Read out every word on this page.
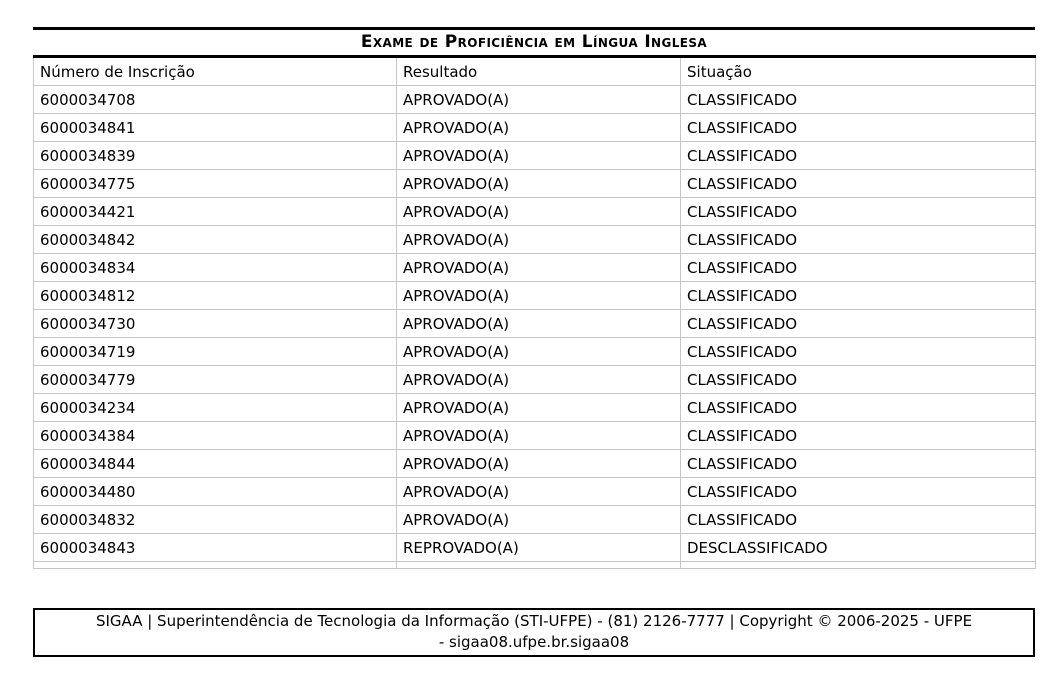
Exame de Proficiência em Língua Inglesa
Número de Inscrição	Resultado	Situação
6000034708	APROVADO(A)	CLASSIFICADO
6000034841	APROVADO(A)	CLASSIFICADO
6000034839	APROVADO(A)	CLASSIFICADO
6000034775	APROVADO(A)	CLASSIFICADO
6000034421	APROVADO(A)	CLASSIFICADO
6000034842	APROVADO(A)	CLASSIFICADO
6000034834	APROVADO(A)	CLASSIFICADO
6000034812	APROVADO(A)	CLASSIFICADO
6000034730	APROVADO(A)	CLASSIFICADO
6000034719	APROVADO(A)	CLASSIFICADO
6000034779	APROVADO(A)	CLASSIFICADO
6000034234	APROVADO(A)	CLASSIFICADO
6000034384	APROVADO(A)	CLASSIFICADO
6000034844	APROVADO(A)	CLASSIFICADO
6000034480	APROVADO(A)	CLASSIFICADO
6000034832	APROVADO(A)	CLASSIFICADO
6000034843	REPROVADO(A)	DESCLASSIFICADO

SIGAA | Superintendência de Tecnologia da Informação (STI-UFPE) - (81) 2126-7777 | Copyright © 2006-2025 - UFPE
- sigaa08.ufpe.br.sigaa08
